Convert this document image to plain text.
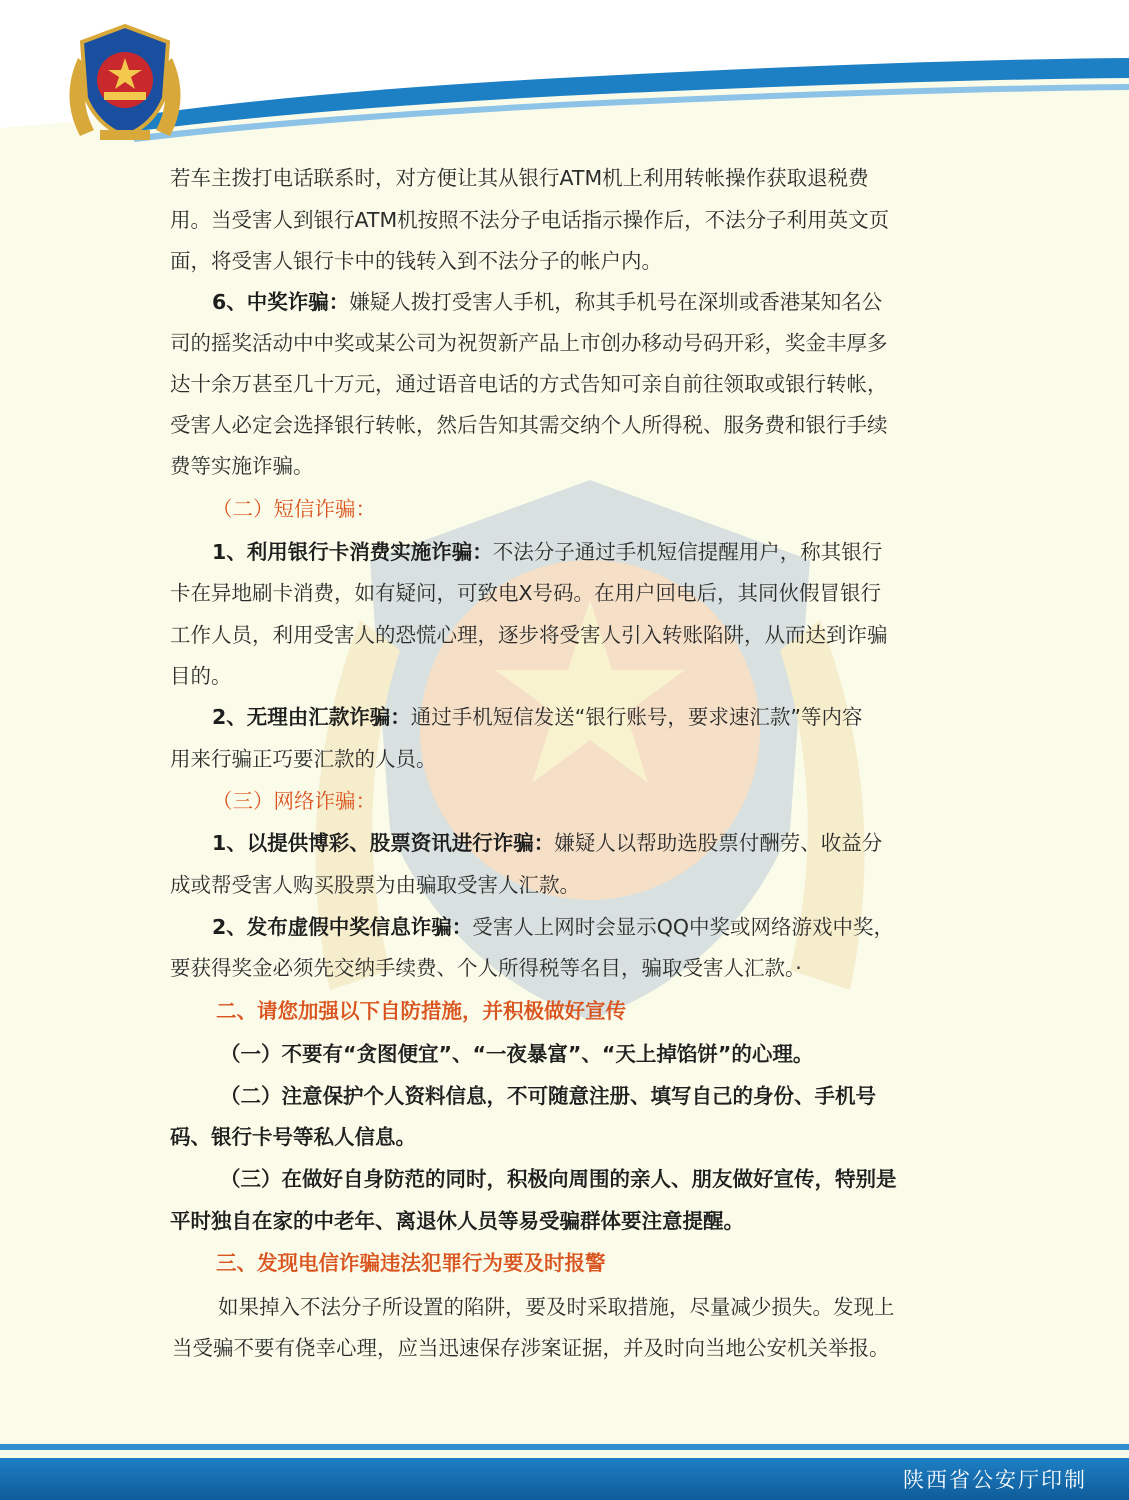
若车主拨打电话联系时，对方便让其从银行ATM机上利用转帐操作获取退税费
用。当受害人到银行ATM机按照不法分子电话指示操作后，不法分子利用英文页
面，将受害人银行卡中的钱转入到不法分子的帐户内。
6、中奖诈骗：嫌疑人拨打受害人手机，称其手机号在深圳或香港某知名公
司的摇奖活动中中奖或某公司为祝贺新产品上市创办移动号码开彩，奖金丰厚多
达十余万甚至几十万元，通过语音电话的方式告知可亲自前往领取或银行转帐，
受害人必定会选择银行转帐，然后告知其需交纳个人所得税、服务费和银行手续
费等实施诈骗。
（二）短信诈骗：
1、利用银行卡消费实施诈骗：不法分子通过手机短信提醒用户，称其银行
卡在异地刷卡消费，如有疑问，可致电X号码。在用户回电后，其同伙假冒银行
工作人员，利用受害人的恐慌心理，逐步将受害人引入转账陷阱，从而达到诈骗
目的。
2、无理由汇款诈骗：通过手机短信发送“银行账号，要求速汇款”等内容
用来行骗正巧要汇款的人员。
（三）网络诈骗：
1、以提供博彩、股票资讯进行诈骗：嫌疑人以帮助选股票付酬劳、收益分
成或帮受害人购买股票为由骗取受害人汇款。
2、发布虚假中奖信息诈骗：受害人上网时会显示QQ中奖或网络游戏中奖，
要获得奖金必须先交纳手续费、个人所得税等名目，骗取受害人汇款。·
二、请您加强以下自防措施，并积极做好宣传
（一）不要有“贪图便宜”、“一夜暴富”、“天上掉馅饼”的心理。
（二）注意保护个人资料信息，不可随意注册、填写自己的身份、手机号
码、银行卡号等私人信息。
（三）在做好自身防范的同时，积极向周围的亲人、朋友做好宣传，特别是
平时独自在家的中老年、离退休人员等易受骗群体要注意提醒。
三、发现电信诈骗违法犯罪行为要及时报警
如果掉入不法分子所设置的陷阱，要及时采取措施，尽量减少损失。发现上
当受骗不要有侥幸心理，应当迅速保存涉案证据，并及时向当地公安机关举报。
陕西省公安厅印制
